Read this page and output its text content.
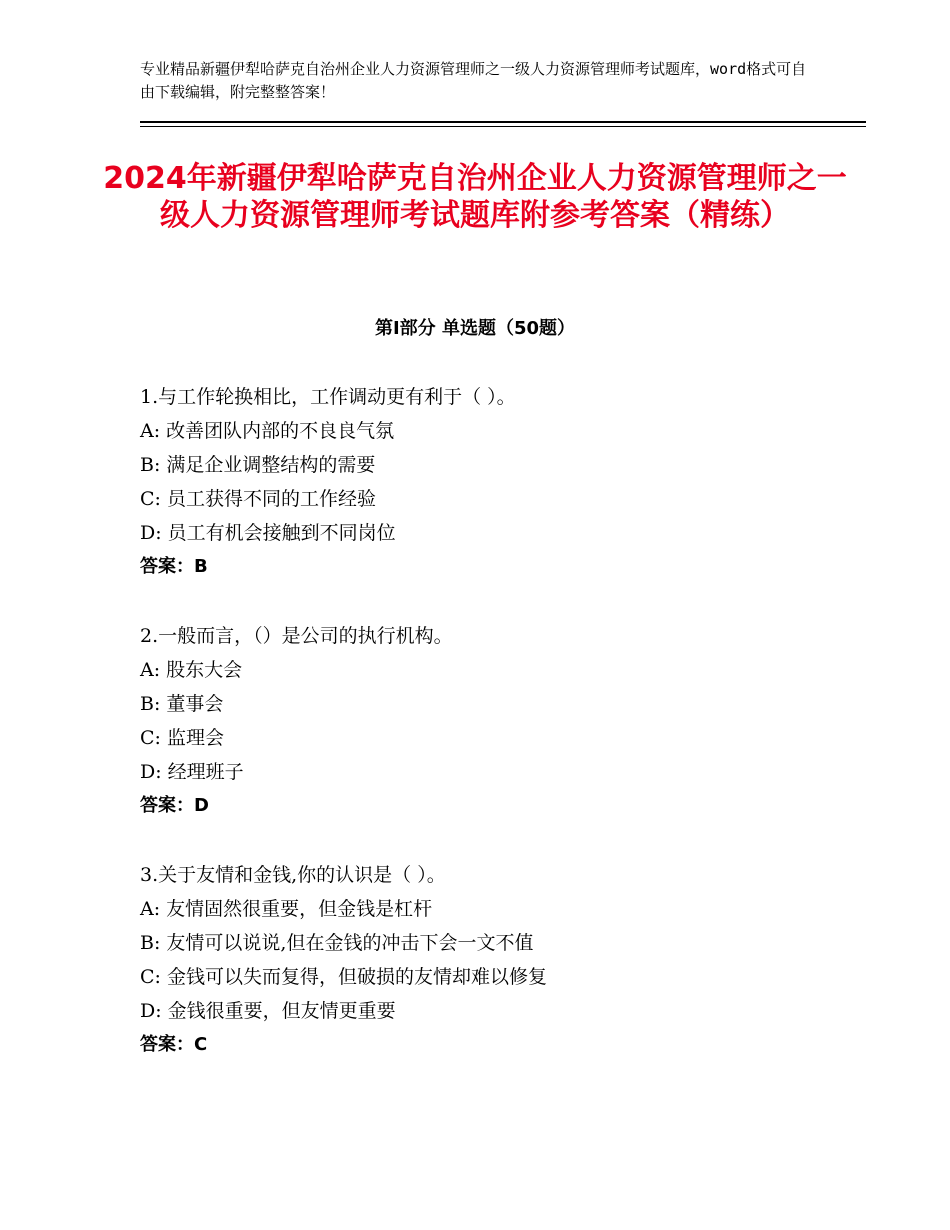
专业精品新疆伊犁哈萨克自治州企业人力资源管理师之一级人力资源管理师考试题库，word格式可自由下载编辑，附完整整答案！
2024年新疆伊犁哈萨克自治州企业人力资源管理师之一级人力资源管理师考试题库附参考答案（精练）
第Ⅰ部分 单选题（50题）
1.与工作轮换相比，工作调动更有利于（ ）。
A: 改善团队内部的不良良气氛
B: 满足企业调整结构的需要
C: 员工获得不同的工作经验
D: 员工有机会接触到不同岗位
答案：B
2.一般而言，（）是公司的执行机构。
A: 股东大会
B: 董事会
C: 监理会
D: 经理班子
答案：D
3.关于友情和金钱,你的认识是（ ）。
A: 友情固然很重要，但金钱是杠杆
B: 友情可以说说,但在金钱的冲击下会一文不值
C: 金钱可以失而复得，但破损的友情却难以修复
D: 金钱很重要，但友情更重要
答案：C
